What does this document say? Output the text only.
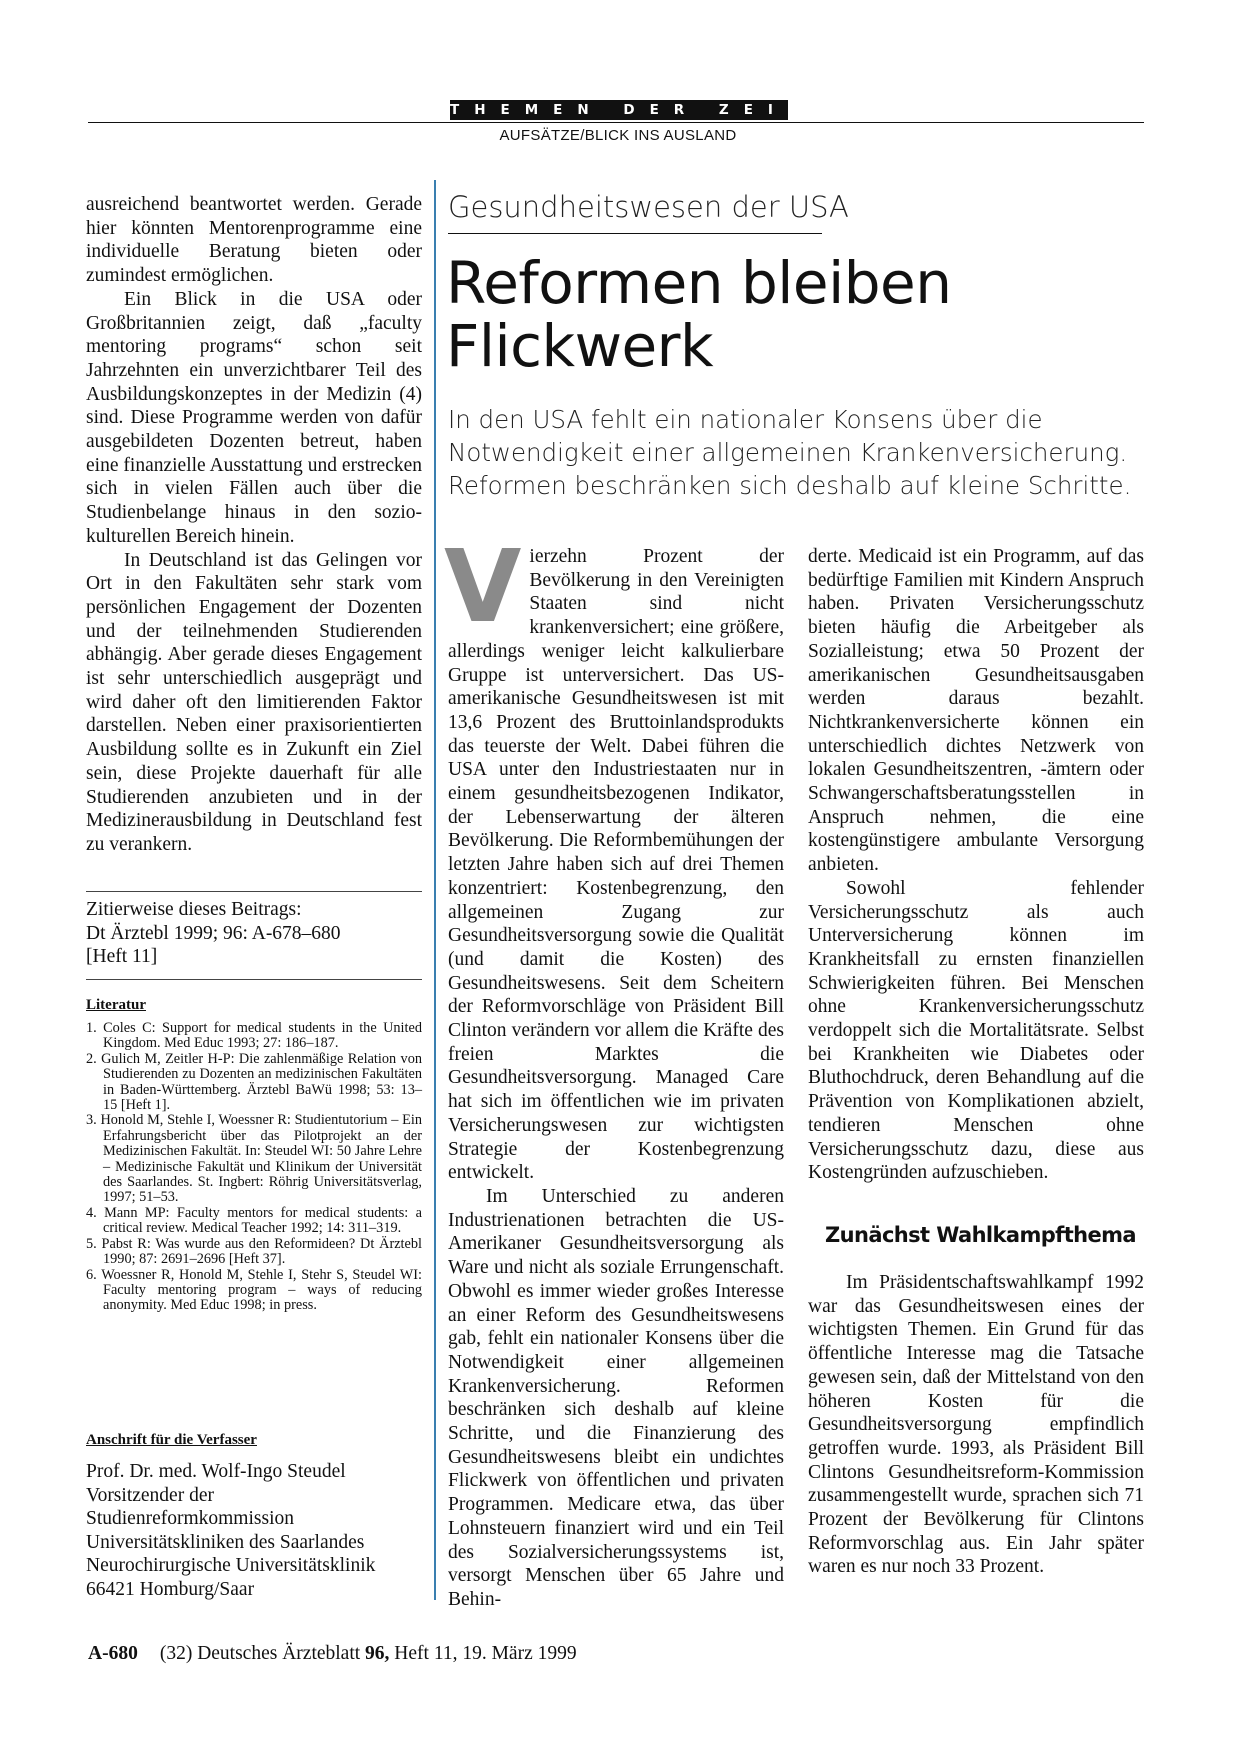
THEMEN DER ZEIT
AUFSÄTZE/BLICK INS AUSLAND

ausreichend beantwortet werden. Gerade hier könnten Mentorenprogramme eine individuelle Beratung bieten oder zumindest ermöglichen.

Ein Blick in die USA oder Großbritannien zeigt, daß „faculty mentoring programs“ schon seit Jahrzehnten ein unverzichtbarer Teil des Ausbildungskonzeptes in der Medizin (4) sind. Diese Programme werden von dafür ausgebildeten Dozenten betreut, haben eine finanzielle Ausstattung und erstrecken sich in vielen Fällen auch über die Studienbelange hinaus in den sozio-kulturellen Bereich hinein.

In Deutschland ist das Gelingen vor Ort in den Fakultäten sehr stark vom persönlichen Engagement der Dozenten und der teilnehmenden Studierenden abhängig. Aber gerade dieses Engagement ist sehr unterschiedlich ausgeprägt und wird daher oft den limitierenden Faktor darstellen. Neben einer praxisorientierten Ausbildung sollte es in Zukunft ein Ziel sein, diese Projekte dauerhaft für alle Studierenden anzubieten und in der Medizinerausbildung in Deutschland fest zu verankern.

Zitierweise dieses Beitrags:
Dt Ärztebl 1999; 96: A-678–680
[Heft 11]
Literatur
1. Coles C: Support for medical students in the United Kingdom. Med Educ 1993; 27: 186–187.
2. Gulich M, Zeitler H-P: Die zahlenmäßige Relation von Studierenden zu Dozenten an medizinischen Fakultäten in Baden-Württemberg. Ärztebl BaWü 1998; 53: 13–15 [Heft 1].
3. Honold M, Stehle I, Woessner R: Studientutorium – Ein Erfahrungsbericht über das Pilotprojekt an der Medizinischen Fakultät. In: Steudel WI: 50 Jahre Lehre – Medizinische Fakultät und Klinikum der Universität des Saarlandes. St. Ingbert: Röhrig Universitätsverlag, 1997; 51–53.
4. Mann MP: Faculty mentors for medical students: a critical review. Medical Teacher 1992; 14: 311–319.
5. Pabst R: Was wurde aus den Reformideen? Dt Ärztebl 1990; 87: 2691–2696 [Heft 37].
6. Woessner R, Honold M, Stehle I, Stehr S, Steudel WI: Faculty mentoring program – ways of reducing anonymity. Med Educ 1998; in press.
Anschrift für die Verfasser
Prof. Dr. med. Wolf-Ingo Steudel
Vorsitzender der
Studienreformkommission
Universitätskliniken des Saarlandes
Neurochirurgische Universitätsklinik
66421 Homburg/Saar
Gesundheitswesen der USA
Reformen bleiben
Flickwerk

In den USA fehlt ein nationaler Konsens über die Notwendigkeit einer allgemeinen Krankenversicherung. Reformen beschränken sich deshalb auf kleine Schritte.

Vierzehn Prozent der Bevölkerung in den Vereinigten Staaten sind nicht krankenversichert; eine größere, allerdings weniger leicht kalkulierbare Gruppe ist unterversichert. Das US-amerikanische Gesundheitswesen ist mit 13,6 Prozent des Bruttoinlandsprodukts das teuerste der Welt. Dabei führen die USA unter den Industriestaaten nur in einem gesundheitsbezogenen Indikator, der Lebenserwartung der älteren Bevölkerung. Die Reformbemühungen der letzten Jahre haben sich auf drei Themen konzentriert: Kostenbegrenzung, den allgemeinen Zugang zur Gesundheitsversorgung sowie die Qualität (und damit die Kosten) des Gesundheitswesens. Seit dem Scheitern der Reformvorschläge von Präsident Bill Clinton verändern vor allem die Kräfte des freien Marktes die Gesundheitsversorgung. Managed Care hat sich im öffentlichen wie im privaten Versicherungswesen zur wichtigsten Strategie der Kostenbegrenzung entwickelt.

Im Unterschied zu anderen Industrienationen betrachten die US-Amerikaner Gesundheitsversorgung als Ware und nicht als soziale Errungenschaft. Obwohl es immer wieder großes Interesse an einer Reform des Gesundheitswesens gab, fehlt ein nationaler Konsens über die Notwendigkeit einer allgemeinen Krankenversicherung. Reformen beschränken sich deshalb auf kleine Schritte, und die Finanzierung des Gesundheitswesens bleibt ein undichtes Flickwerk von öffentlichen und privaten Programmen. Medicare etwa, das über Lohnsteuern finanziert wird und ein Teil des Sozialversicherungssystems ist, versorgt Menschen über 65 Jahre und Behin-

derte. Medicaid ist ein Programm, auf das bedürftige Familien mit Kindern Anspruch haben. Privaten Versicherungsschutz bieten häufig die Arbeitgeber als Sozialleistung; etwa 50 Prozent der amerikanischen Gesundheitsausgaben werden daraus bezahlt. Nichtkrankenversicherte können ein unterschiedlich dichtes Netzwerk von lokalen Gesundheitszentren, -ämtern oder Schwangerschaftsberatungsstellen in Anspruch nehmen, die eine kostengünstigere ambulante Versorgung anbieten.

Sowohl fehlender Versicherungsschutz als auch Unterversicherung können im Krankheitsfall zu ernsten finanziellen Schwierigkeiten führen. Bei Menschen ohne Krankenversicherungsschutz verdoppelt sich die Mortalitätsrate. Selbst bei Krankheiten wie Diabetes oder Bluthochdruck, deren Behandlung auf die Prävention von Komplikationen abzielt, tendieren Menschen ohne Versicherungsschutz dazu, diese aus Kostengründen aufzuschieben.

Zunächst Wahlkampfthema

Im Präsidentschaftswahlkampf 1992 war das Gesundheitswesen eines der wichtigsten Themen. Ein Grund für das öffentliche Interesse mag die Tatsache gewesen sein, daß der Mittelstand von den höheren Kosten für die Gesundheitsversorgung empfindlich getroffen wurde. 1993, als Präsident Bill Clintons Gesundheitsreform-Kommission zusammengestellt wurde, sprachen sich 71 Prozent der Bevölkerung für Clintons Reformvorschlag aus. Ein Jahr später waren es nur noch 33 Prozent.

A-680 (32) Deutsches Ärzteblatt 96, Heft 11, 19. März 1999
